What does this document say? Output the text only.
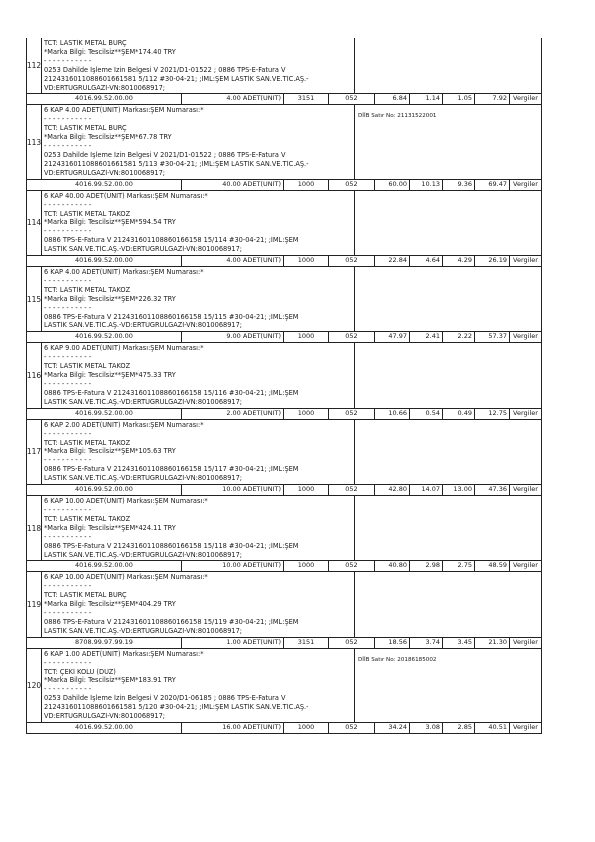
112
TCT: LASTİK METAL BURÇ
*Marka Bilgi: Tescilsiz**ŞEM*174.40 TRY
- - - - - - - - - - -
0253 Dahilde İşleme İzin Belgesi V 2021/D1-01522 ; 0886 TPS-E-Fatura V
2124316011088601661581 5/112 #30-04-21; ;İML:ŞEM LASTİK SAN.VE.TİC.AŞ.-
VD:ERTUGRULGAZİ-VN:8010068917;
4016.99.52.00.00	4.00 ADET(UNIT)	3151	052	6.84	1.14	1.05	7.92 Vergiler
113
6 KAP 4.00 ADET(UNIT) Markası:ŞEM Numarası:*
- - - - - - - - - - -
TCT: LASTİK METAL BURÇ
*Marka Bilgi: Tescilsiz**ŞEM*67.78 TRY
- - - - - - - - - - -
0253 Dahilde İşleme İzin Belgesi V 2021/D1-01522 ; 0886 TPS-E-Fatura V
2124316011088601661581 5/113 #30-04-21; ;İML:ŞEM LASTİK SAN.VE.TİC.AŞ.-
VD:ERTUGRULGAZİ-VN:8010068917;
DİİB Satır No: 21131522001
4016.99.52.00.00	40.00 ADET(UNIT)	1000	052	60.00	10.13	9.36	69.47 Vergiler
114
6 KAP 40.00 ADET(UNIT) Markası:ŞEM Numarası:*
- - - - - - - - - - -
TCT: LASTİK METAL TAKOZ
*Marka Bilgi: Tescilsiz**ŞEM*594.54 TRY
- - - - - - - - - - -
0886 TPS-E-Fatura V 212431601108860166158 15/114 #30-04-21; ;İML:ŞEM
LASTİK SAN.VE.TİC.AŞ.-VD:ERTUGRULGAZİ-VN:8010068917;
4016.99.52.00.00	4.00 ADET(UNIT)	1000	052	22.84	4.64	4.29	26.19 Vergiler
115
6 KAP 4.00 ADET(UNIT) Markası:ŞEM Numarası:*
- - - - - - - - - - -
TCT: LASTİK METAL TAKOZ
*Marka Bilgi: Tescilsiz**ŞEM*226.32 TRY
- - - - - - - - - - -
0886 TPS-E-Fatura V 212431601108860166158 15/115 #30-04-21; ;İML:ŞEM
LASTİK SAN.VE.TİC.AŞ.-VD:ERTUGRULGAZİ-VN:8010068917;
4016.99.52.00.00	9.00 ADET(UNIT)	1000	052	47.97	2.41	2.22	57.37 Vergiler
116
6 KAP 9.00 ADET(UNIT) Markası:ŞEM Numarası:*
- - - - - - - - - - -
TCT: LASTİK METAL TAKOZ
*Marka Bilgi: Tescilsiz**ŞEM*475.33 TRY
- - - - - - - - - - -
0886 TPS-E-Fatura V 212431601108860166158 15/116 #30-04-21; ;İML:ŞEM
LASTİK SAN.VE.TİC.AŞ.-VD:ERTUGRULGAZİ-VN:8010068917;
4016.99.52.00.00	2.00 ADET(UNIT)	1000	052	10.66	0.54	0.49	12.75 Vergiler
117
6 KAP 2.00 ADET(UNIT) Markası:ŞEM Numarası:*
- - - - - - - - - - -
TCT: LASTİK METAL TAKOZ
*Marka Bilgi: Tescilsiz**ŞEM*105.63 TRY
- - - - - - - - - - -
0886 TPS-E-Fatura V 212431601108860166158 15/117 #30-04-21; ;İML:ŞEM
LASTİK SAN.VE.TİC.AŞ.-VD:ERTUGRULGAZİ-VN:8010068917;
4016.99.52.00.00	10.00 ADET(UNIT)	1000	052	42.80	14.07	13.00	47.36 Vergiler
118
6 KAP 10.00 ADET(UNIT) Markası:ŞEM Numarası:*
- - - - - - - - - - -
TCT: LASTİK METAL TAKOZ
*Marka Bilgi: Tescilsiz**ŞEM*424.11 TRY
- - - - - - - - - - -
0886 TPS-E-Fatura V 212431601108860166158 15/118 #30-04-21; ;İML:ŞEM
LASTİK SAN.VE.TİC.AŞ.-VD:ERTUGRULGAZİ-VN:8010068917;
4016.99.52.00.00	10.00 ADET(UNIT)	1000	052	40.80	2.98	2.75	48.59 Vergiler
119
6 KAP 10.00 ADET(UNIT) Markası:ŞEM Numarası:*
- - - - - - - - - - -
TCT: LASTİK METAL BURÇ
*Marka Bilgi: Tescilsiz**ŞEM*404.29 TRY
- - - - - - - - - - -
0886 TPS-E-Fatura V 212431601108860166158 15/119 #30-04-21; ;İML:ŞEM
LASTİK SAN.VE.TİC.AŞ.-VD:ERTUGRULGAZİ-VN:8010068917;
8708.99.97.99.19	1.00 ADET(UNIT)	3151	052	18.56	3.74	3.45	21.30 Vergiler
120
6 KAP 1.00 ADET(UNIT) Markası:ŞEM Numarası:*
- - - - - - - - - - -
TCT: ÇEKİ KOLU (DÜZ)
*Marka Bilgi: Tescilsiz**ŞEM*183.91 TRY
- - - - - - - - - - -
0253 Dahilde İşleme İzin Belgesi V 2020/D1-06185 ; 0886 TPS-E-Fatura V
2124316011088601661581 5/120 #30-04-21; ;İML:ŞEM LASTİK SAN.VE.TİC.AŞ.-
VD:ERTUGRULGAZİ-VN:8010068917;
DİİB Satır No: 20186185002
4016.99.52.00.00	16.00 ADET(UNIT)	1000	052	34.24	3.08	2.85	40.51 Vergiler
